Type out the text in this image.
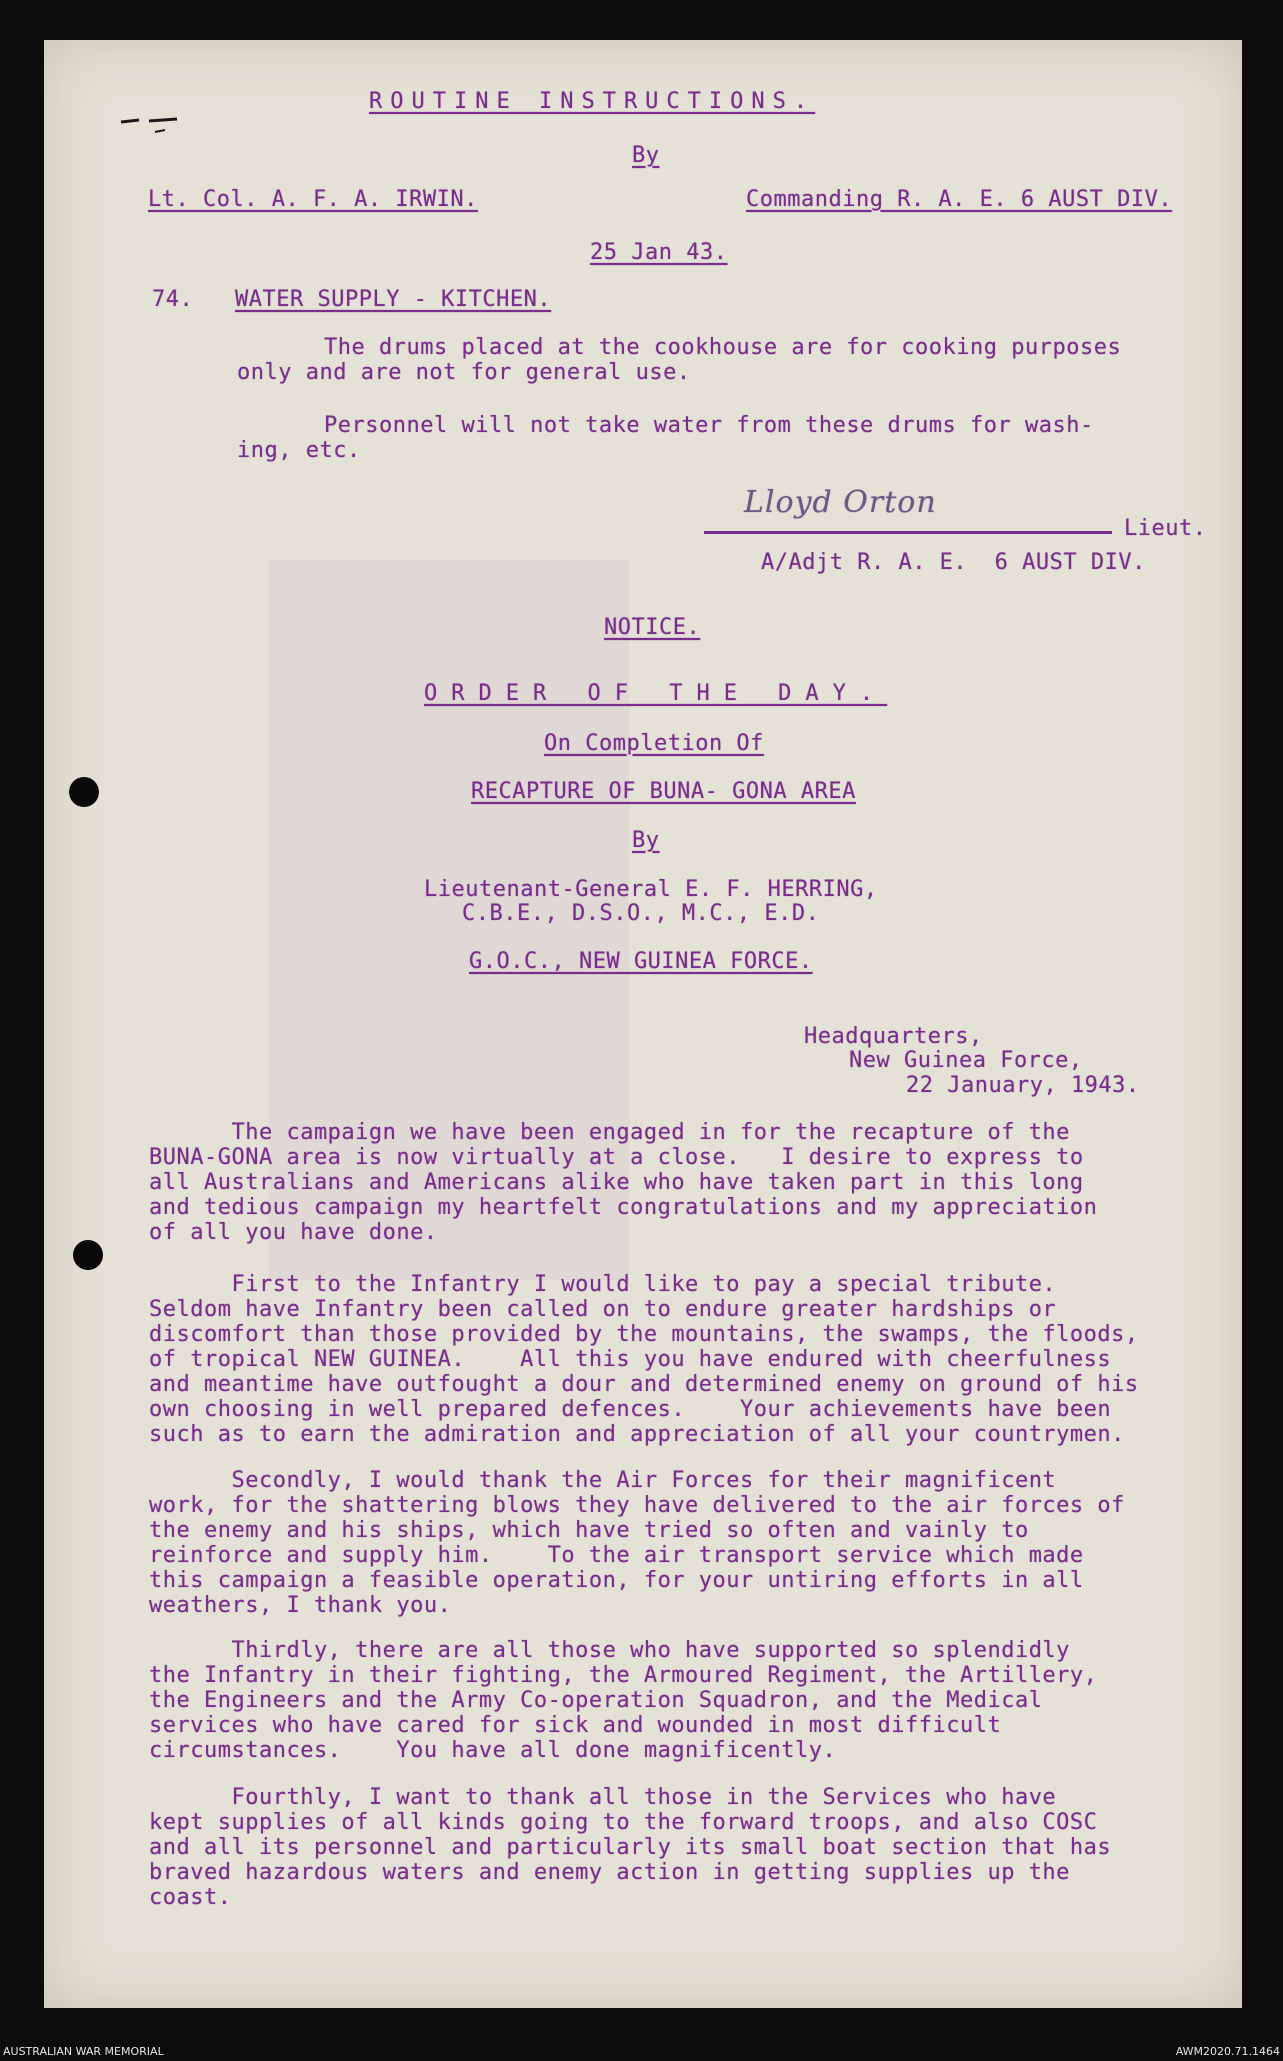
ROUTINE INSTRUCTIONS.
By
Lt. Col. A. F. A. IRWIN.	Commanding R. A. E. 6 AUST DIV.
25 Jan 43.
74. WATER SUPPLY - KITCHEN.
The drums placed at the cookhouse are for cooking purposes
only and are not for general use.
Personnel will not take water from these drums for wash-
ing, etc.
Lloyd Orton
Lieut.
A/Adjt R. A. E.  6 AUST DIV.
NOTICE.
ORDER OF THE DAY.
On Completion Of
RECAPTURE OF BUNA- GONA AREA
By
Lieutenant-General E. F. HERRING,
C.B.E., D.S.O., M.C., E.D.
G.O.C., NEW GUINEA FORCE.
Headquarters,
New Guinea Force,
22 January, 1943.
The campaign we have been engaged in for the recapture of the
BUNA-GONA area is now virtually at a close.   I desire to express to
all Australians and Americans alike who have taken part in this long
and tedious campaign my heartfelt congratulations and my appreciation
of all you have done.
First to the Infantry I would like to pay a special tribute.
Seldom have Infantry been called on to endure greater hardships or
discomfort than those provided by the mountains, the swamps, the floods,
of tropical NEW GUINEA.    All this you have endured with cheerfulness
and meantime have outfought a dour and determined enemy on ground of his
own choosing in well prepared defences.    Your achievements have been
such as to earn the admiration and appreciation of all your countrymen.
Secondly, I would thank the Air Forces for their magnificent
work, for the shattering blows they have delivered to the air forces of
the enemy and his ships, which have tried so often and vainly to
reinforce and supply him.    To the air transport service which made
this campaign a feasible operation, for your untiring efforts in all
weathers, I thank you.
Thirdly, there are all those who have supported so splendidly
the Infantry in their fighting, the Armoured Regiment, the Artillery,
the Engineers and the Army Co-operation Squadron, and the Medical
services who have cared for sick and wounded in most difficult
circumstances.    You have all done magnificently.
Fourthly, I want to thank all those in the Services who have
kept supplies of all kinds going to the forward troops, and also COSC
and all its personnel and particularly its small boat section that has
braved hazardous waters and enemy action in getting supplies up the
coast.
AUSTRALIAN WAR MEMORIAL	AWM2020.71.1464
